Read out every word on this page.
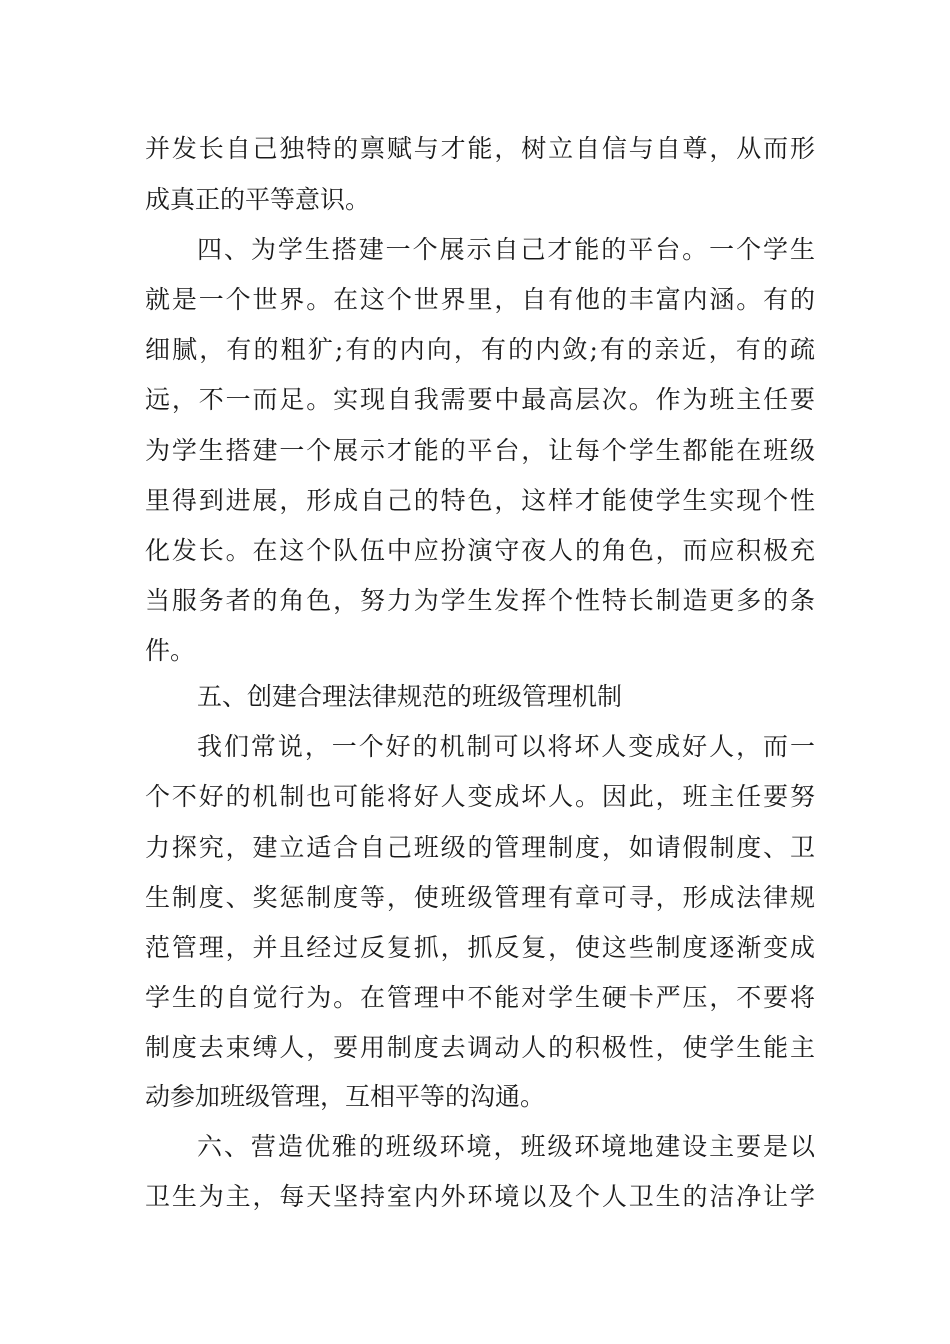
并发长自己独特的禀赋与才能，树立自信与自尊，从而形
成真正的平等意识。
四、为学生搭建一个展示自己才能的平台。一个学生
就是一个世界。在这个世界里，自有他的丰富内涵。有的
细腻，有的粗犷;有的内向，有的内敛;有的亲近，有的疏
远，不一而足。实现自我需要中最高层次。作为班主任要
为学生搭建一个展示才能的平台，让每个学生都能在班级
里得到进展，形成自己的特色，这样才能使学生实现个性
化发长。在这个队伍中应扮演守夜人的角色，而应积极充
当服务者的角色，努力为学生发挥个性特长制造更多的条
件。
五、创建合理法律规范的班级管理机制
我们常说，一个好的机制可以将坏人变成好人，而一
个不好的机制也可能将好人变成坏人。因此，班主任要努
力探究，建立适合自己班级的管理制度，如请假制度、卫
生制度、奖惩制度等，使班级管理有章可寻，形成法律规
范管理，并且经过反复抓，抓反复，使这些制度逐渐变成
学生的自觉行为。在管理中不能对学生硬卡严压，不要将
制度去束缚人，要用制度去调动人的积极性，使学生能主
动参加班级管理，互相平等的沟通。
六、营造优雅的班级环境，班级环境地建设主要是以
卫生为主，每天坚持室内外环境以及个人卫生的洁净让学
